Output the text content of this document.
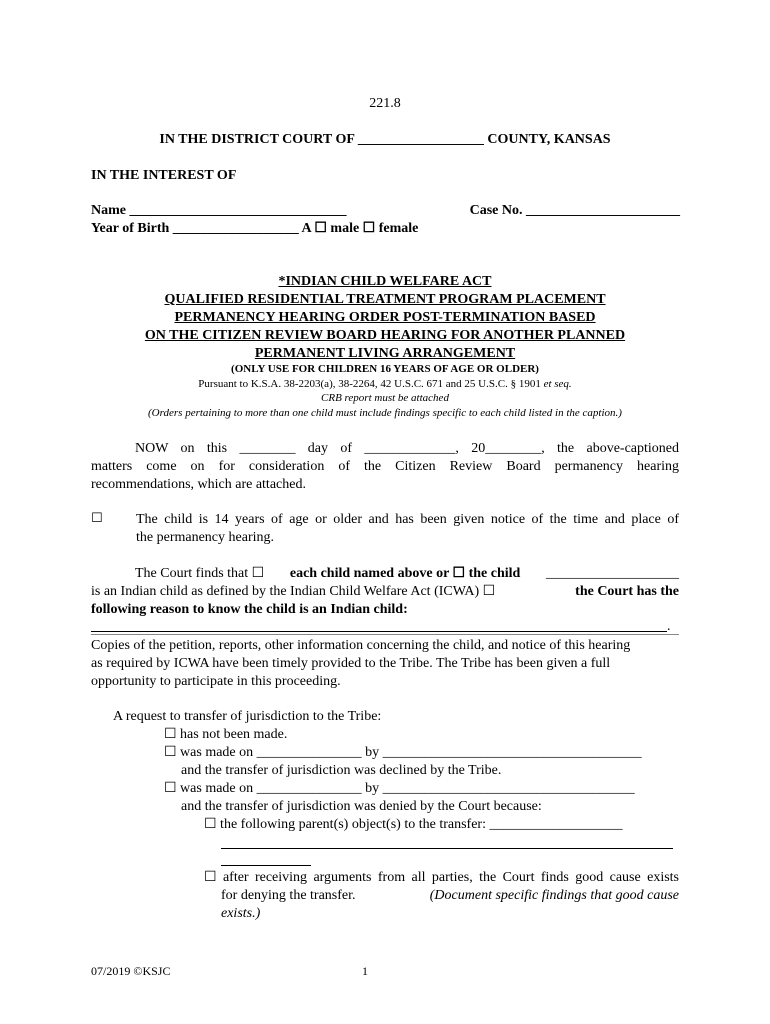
221.8
IN THE DISTRICT COURT OF __________________ COUNTY, KANSAS
IN THE INTEREST OF
Name _______________________________	Case No. ______________________
Year of Birth __________________ A ☐ male ☐ female
*INDIAN CHILD WELFARE ACT
QUALIFIED RESIDENTIAL TREATMENT PROGRAM PLACEMENT
PERMANENCY HEARING ORDER POST-TERMINATION BASED
ON THE CITIZEN REVIEW BOARD HEARING FOR ANOTHER PLANNED
PERMANENT LIVING ARRANGEMENT
(ONLY USE FOR CHILDREN 16 YEARS OF AGE OR OLDER)
Pursuant to K.S.A. 38-2203(a), 38-2264, 42 U.S.C. 671 and 25 U.S.C. § 1901 et seq.
CRB report must be attached
(Orders pertaining to more than one child must include findings specific to each child listed in the caption.)
NOW on this ________ day of _____________, 20________, the above-captioned
matters come on for consideration of the Citizen Review Board permanency hearing
recommendations, which are attached.
☐ The child is 14 years of age or older and has been given notice of the time and place of
the permanency hearing.
The Court finds that ☐ each child named above or ☐ the child ___________________
is an Indian child as defined by the Indian Child Welfare Act (ICWA) ☐	the Court has the
following reason to know the child is an Indian child:
.
Copies of the petition, reports, other information concerning the child, and notice of this hearing
as required by ICWA have been timely provided to the Tribe. The Tribe has been given a full
opportunity to participate in this proceeding.
A request to transfer of jurisdiction to the Tribe:
☐ has not been made.
☐ was made on _______________ by _____________________________________
and the transfer of jurisdiction was declined by the Tribe.
☐ was made on _______________ by ____________________________________
and the transfer of jurisdiction was denied by the Court because:
☐ the following parent(s) object(s) to the transfer: ___________________
☐ after receiving arguments from all parties, the Court finds good cause exists
for denying the transfer.	(Document specific findings that good cause
exists.)
07/2019 ©KSJC	1
